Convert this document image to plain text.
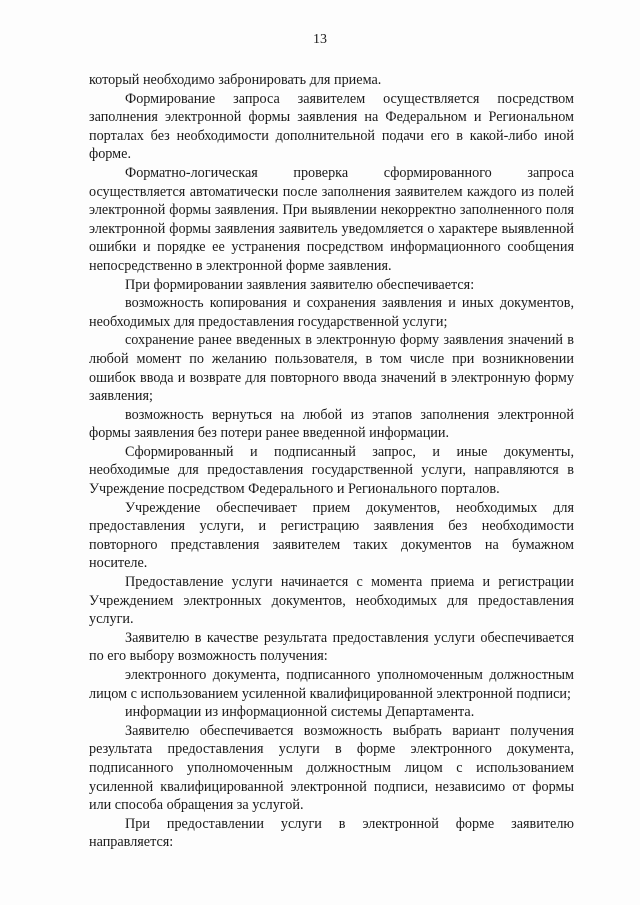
13

который необходимо забронировать для приема.

Формирование запроса заявителем осуществляется посредством заполнения электронной формы заявления на Федеральном и Региональном порталах без необходимости дополнительной подачи его в какой-либо иной форме.

Форматно-логическая проверка сформированного запроса осуществляется автоматически после заполнения заявителем каждого из полей электронной формы заявления. При выявлении некорректно заполненного поля электронной формы заявления заявитель уведомляется о характере выявленной ошибки и порядке ее устранения посредством информационного сообщения непосредственно в электронной форме заявления.

При формировании заявления заявителю обеспечивается:

возможность копирования и сохранения заявления и иных документов, необходимых для предоставления государственной услуги;

сохранение ранее введенных в электронную форму заявления значений в любой момент по желанию пользователя, в том числе при возникновении ошибок ввода и возврате для повторного ввода значений в электронную форму заявления;

возможность вернуться на любой из этапов заполнения электронной формы заявления без потери ранее введенной информации.

Сформированный и подписанный запрос, и иные документы, необходимые для предоставления государственной услуги, направляются в Учреждение посредством Федерального и Регионального порталов.

Учреждение обеспечивает прием документов, необходимых для предоставления услуги, и регистрацию заявления без необходимости повторного представления заявителем таких документов на бумажном носителе.

Предоставление услуги начинается с момента приема и регистрации Учреждением электронных документов, необходимых для предоставления услуги.

Заявителю в качестве результата предоставления услуги обеспечивается по его выбору возможность получения:

электронного документа, подписанного уполномоченным должностным лицом с использованием усиленной квалифицированной электронной подписи;

информации из информационной системы Департамента.

Заявителю обеспечивается возможность выбрать вариант получения результата предоставления услуги в форме электронного документа, подписанного уполномоченным должностным лицом с использованием усиленной квалифицированной электронной подписи, независимо от формы или способа обращения за услугой.

При предоставлении услуги в электронной форме заявителю направляется:
